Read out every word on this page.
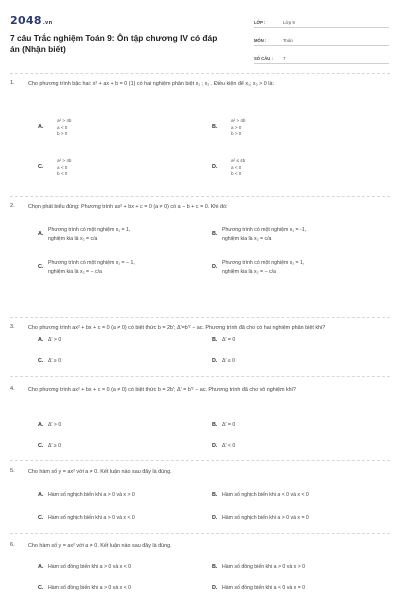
2048.vn
7 câu Trắc nghiệm Toán 9: Ôn tập chương IV có đáp án (Nhận biết)
LỚP :	Lớp 9
MÔN :	Toán
SỐ CÂU :	7
1. Cho phương trình bậc hai: x² + ax + b = 0 (1) có hai nghiệm phân biệt x₁ ; x₂ . Điều kiện để x₁; x₂ > 0 là:
A.
a² > 4b
a < 0
b > 0
B.
a² > 4b
a > 0
b > 0
C.
a² > 4b
a < 0
b < 0
D.
a² ≤ 4b
a < 0
b < 0
2. Chọn phát biểu đúng: Phương trình ax² + bx + c = 0 (a ≠ 0) có a − b + c = 0. Khi đó:
A.
Phương trình có một nghiệm x₁ = 1,
nghiệm kia là x₂ = c/a
B.
Phương trình có một nghiệm x₁ = -1,
nghiệm kia là x₂ = c/a
C.
Phương trình có một nghiệm x₁ = − 1,
nghiệm kia là x₂ = − c/a
D.
Phương trình có một nghiệm x₁ = 1,
nghiệm kia là x₂ = − c/a
3. Cho phương trình ax² + bx + c = 0 (a ≠ 0) có biệt thức b = 2b'; Δ'=b'² − ac. Phương trình đã cho có hai nghiệm phân biệt khi?
A. Δ' > 0	B. Δ' = 0
C. Δ' ≥ 0	D. Δ' ≤ 0
4. Cho phương trình ax² + bx + c = 0 (a ≠ 0) có biệt thức b = 2b'; Δ' = b'² − ac. Phương trình đã cho vô nghiệm khi?
A. Δ' > 0	B. Δ' = 0
C. Δ' ≥ 0	D. Δ' < 0
5. Cho hàm số y = ax² với a ≠ 0. Kết luận nào sau đây là đúng.
A. Hàm số nghịch biến khi a > 0 và x > 0	B. Hàm số nghịch biến khi a < 0 và x < 0
C. Hàm số nghịch biến khi a > 0 và x < 0	D. Hàm số nghịch biến khi a > 0 và x = 0
6. Cho hàm số y = ax² với a ≠ 0. Kết luận nào sau đây là đúng.
A. Hàm số đồng biến khi a > 0 và x < 0	B. Hàm số đồng biến khi a > 0 và x > 0
C. Hàm số đồng biến khi a > 0 và x < 0	D. Hàm số đồng biến khi a < 0 và x = 0
